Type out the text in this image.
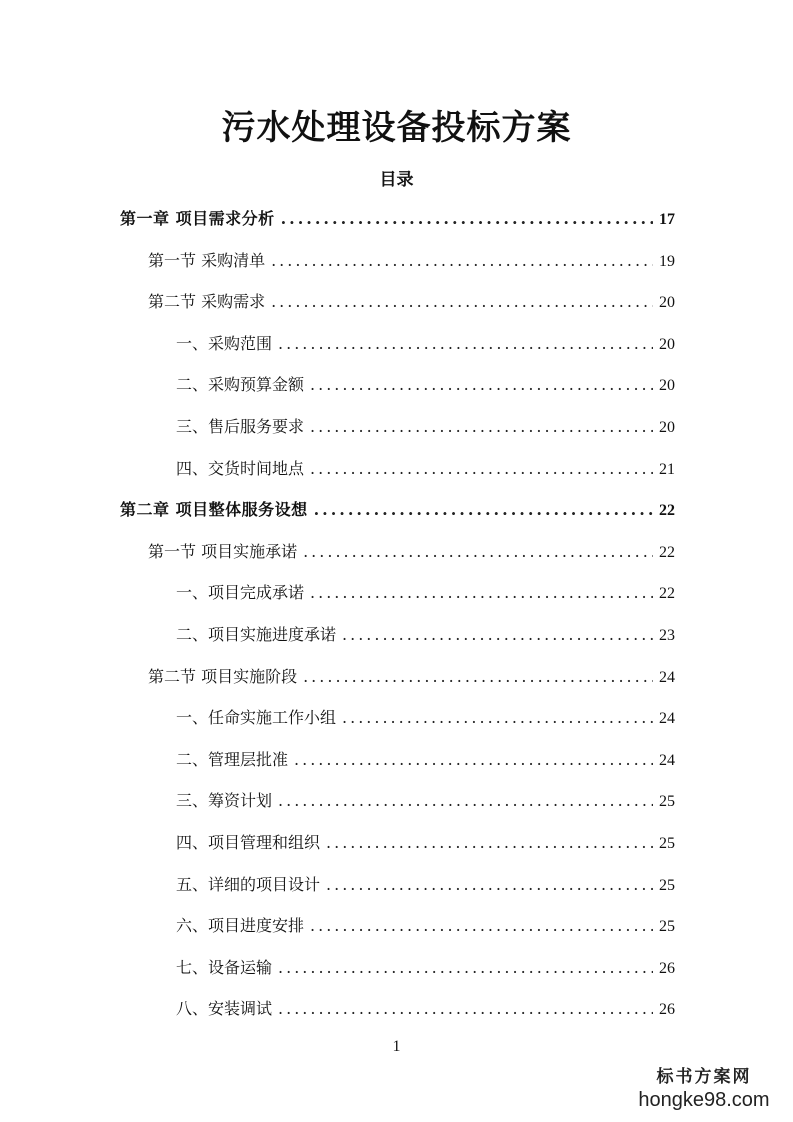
污水处理设备投标方案
目录
第一章 项目需求分析 .....	17
第一节 采购清单 .....	19
第二节 采购需求 .....	20
一、采购范围 .....	20
二、采购预算金额 .....	20
三、售后服务要求 .....	20
四、交货时间地点 .....	21
第二章 项目整体服务设想 .....	22
第一节 项目实施承诺 .....	22
一、项目完成承诺 .....	22
二、项目实施进度承诺 .....	23
第二节 项目实施阶段 .....	24
一、任命实施工作小组 .....	24
二、管理层批准 .....	24
三、筹资计划 .....	25
四、项目管理和组织 .....	25
五、详细的项目设计 .....	25
六、项目进度安排 .....	25
七、设备运输 .....	26
八、安装调试 .....	26
1
标书方案网
hongke98.com
